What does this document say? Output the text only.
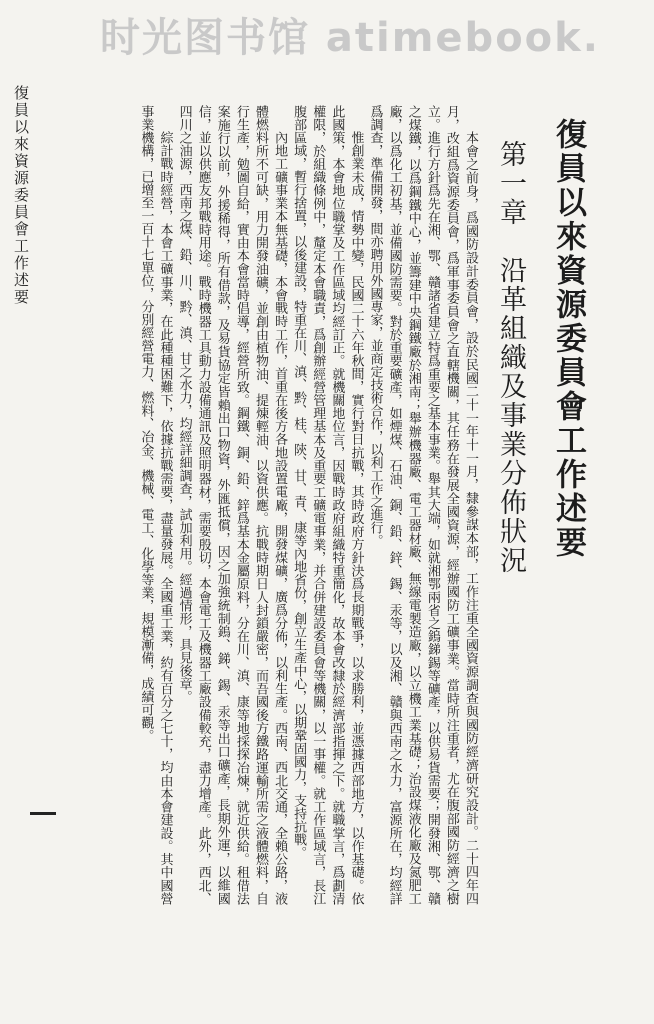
时光图书馆 atimebook.
復員以來資源委員會工作述要
第一章　沿革組織及事業分佈狀況

本會之前身，爲國防設計委員會，設於民國二十一年十一月，隸參謀本部，工作注重全國資源調查與國防經濟研究設計。二十四年四月，改組爲資源委員會，爲軍事委員會之直轄機關，其任務在發展全國資源，經辦國防工礦事業。當時所注重者，尤在腹部國防經濟之樹立。進行方針爲先在湘、鄂、贛諸省建立特爲重要之基本事業。舉其大端，如就湘鄂兩省之鎢銻錫等礦產，以供易貨需要；開發湘、鄂、贛之煤鐵，以爲鋼鐵中心，並籌建中央鋼鐵廠於湘南；舉辦機器廠、電工器材廠、無線電製造廠，以立機工業基礎；治設煤液化廠及氮肥工廠，以爲化工初基，並備國防需要。對於重要礦產，如煙煤、石油、銅、鉛、鋅、錫、汞等，以及湘、贛與西南之水力，富源所在，均經詳爲調查，準備開發，間亦聘用外國專家，並商定技術合作，以利工作之進行。

惟創業未成，情勢中變，民國二十六年秋間，實行對日抗戰，其時政府方針決爲長期戰爭，以求勝利，並憑據西部地方，以作基礎。依此國策，本會地位職掌及工作區域均經訂正。就機關地位言，因戰時政府組織特重簡化，故本會改隸於經濟部指揮之下。就職掌言，爲劃清權限，於組織條例中，釐定本會職責，爲創辦經營管理基本及重要工礦電事業，并合併建設委員會等機關，以一事權。就工作區域言，長江腹部區域，暫行捨置，以後建設，特重在川、滇、黔、桂、陝、甘、青、康等內地省份，創立生產中心，以期鞏固國力，支持抗戰。

內地工礦事業本無基礎，本會戰時工作，首重在後方各地設置電廠，開發煤礦，廣爲分佈，以利生產。西南、西北交通，全賴公路，液體燃料所不可缺，用力開發油礦，並創由植物油、提煉輕油、以資供應。抗戰時期日人封鎖嚴密，而吾國後方鐵路運輸所需之液體燃料，自行生產，勉圖自給，實由本會當時倡導，經營所致。鋼鐵、銅、鉛、鋅爲基本金屬原料，分在川、滇、康等地採探冶煉，就近供給。租借法案施行以前，外援稀得，所有借款，及易貨協定皆賴出口物資，外匯抵償，因之加強統制鎢、銻、錫、汞等出口礦產，長期外運，以維國信，並以供應友邦戰時用途。戰時機器工具動力設備通訊及照明器材，需要殷切，本會電工及機器工廠設備較充，盡力增產。此外，西北、四川之油源，西南之煤、鉛、川、黔、滇、甘之水力，均經詳細調查，試加利用。經過情形，具見後章。

綜計戰時經營，本會工礦事業，在此種種困難下，依據抗戰需要，盡量發展。全國重工業，約有百分之七十，均由本會建設。其中國營事業機構，已增至一百十七單位，分別經營電力、燃料、冶金、機械、電工、化學等業，規模漸備，成績可觀。

復員以來資源委員會工作述要
